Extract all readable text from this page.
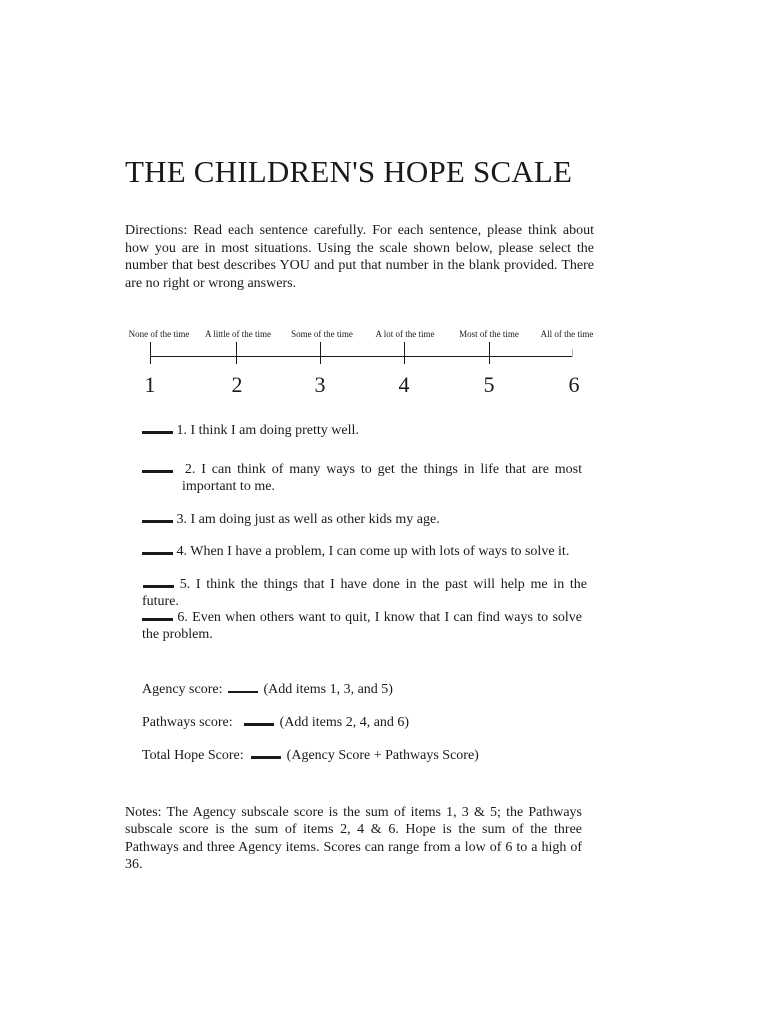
THE CHILDREN'S HOPE SCALE

Directions: Read each sentence carefully. For each sentence, please think about how you are in most situations. Using the scale shown below, please select the number that best describes YOU and put that number in the blank provided. There are no right or wrong answers.

None of the time A little of the time Some of the time	A lot of the time	Most of the time All of the time
1	2	3	4	5	6
1. I think I am doing pretty well.
2. I can think of many ways to get the things in life that are most important to me.
3. I am doing just as well as other kids my age.
4. When I have a problem, I can come up with lots of ways to solve it.
5. I think the things that I have done in the past will help me in the future.
6. Even when others want to quit, I know that I can find ways to solve the problem.
Agency score:	(Add items 1, 3, and 5)
Pathways score:	(Add items 2, 4, and 6)
Total Hope Score:	(Agency Score + Pathways Score)

Notes: The Agency subscale score is the sum of items 1, 3 & 5; the Pathways subscale score is the sum of items 2, 4 & 6. Hope is the sum of the three Pathways and three Agency items. Scores can range from a low of 6 to a high of 36.
